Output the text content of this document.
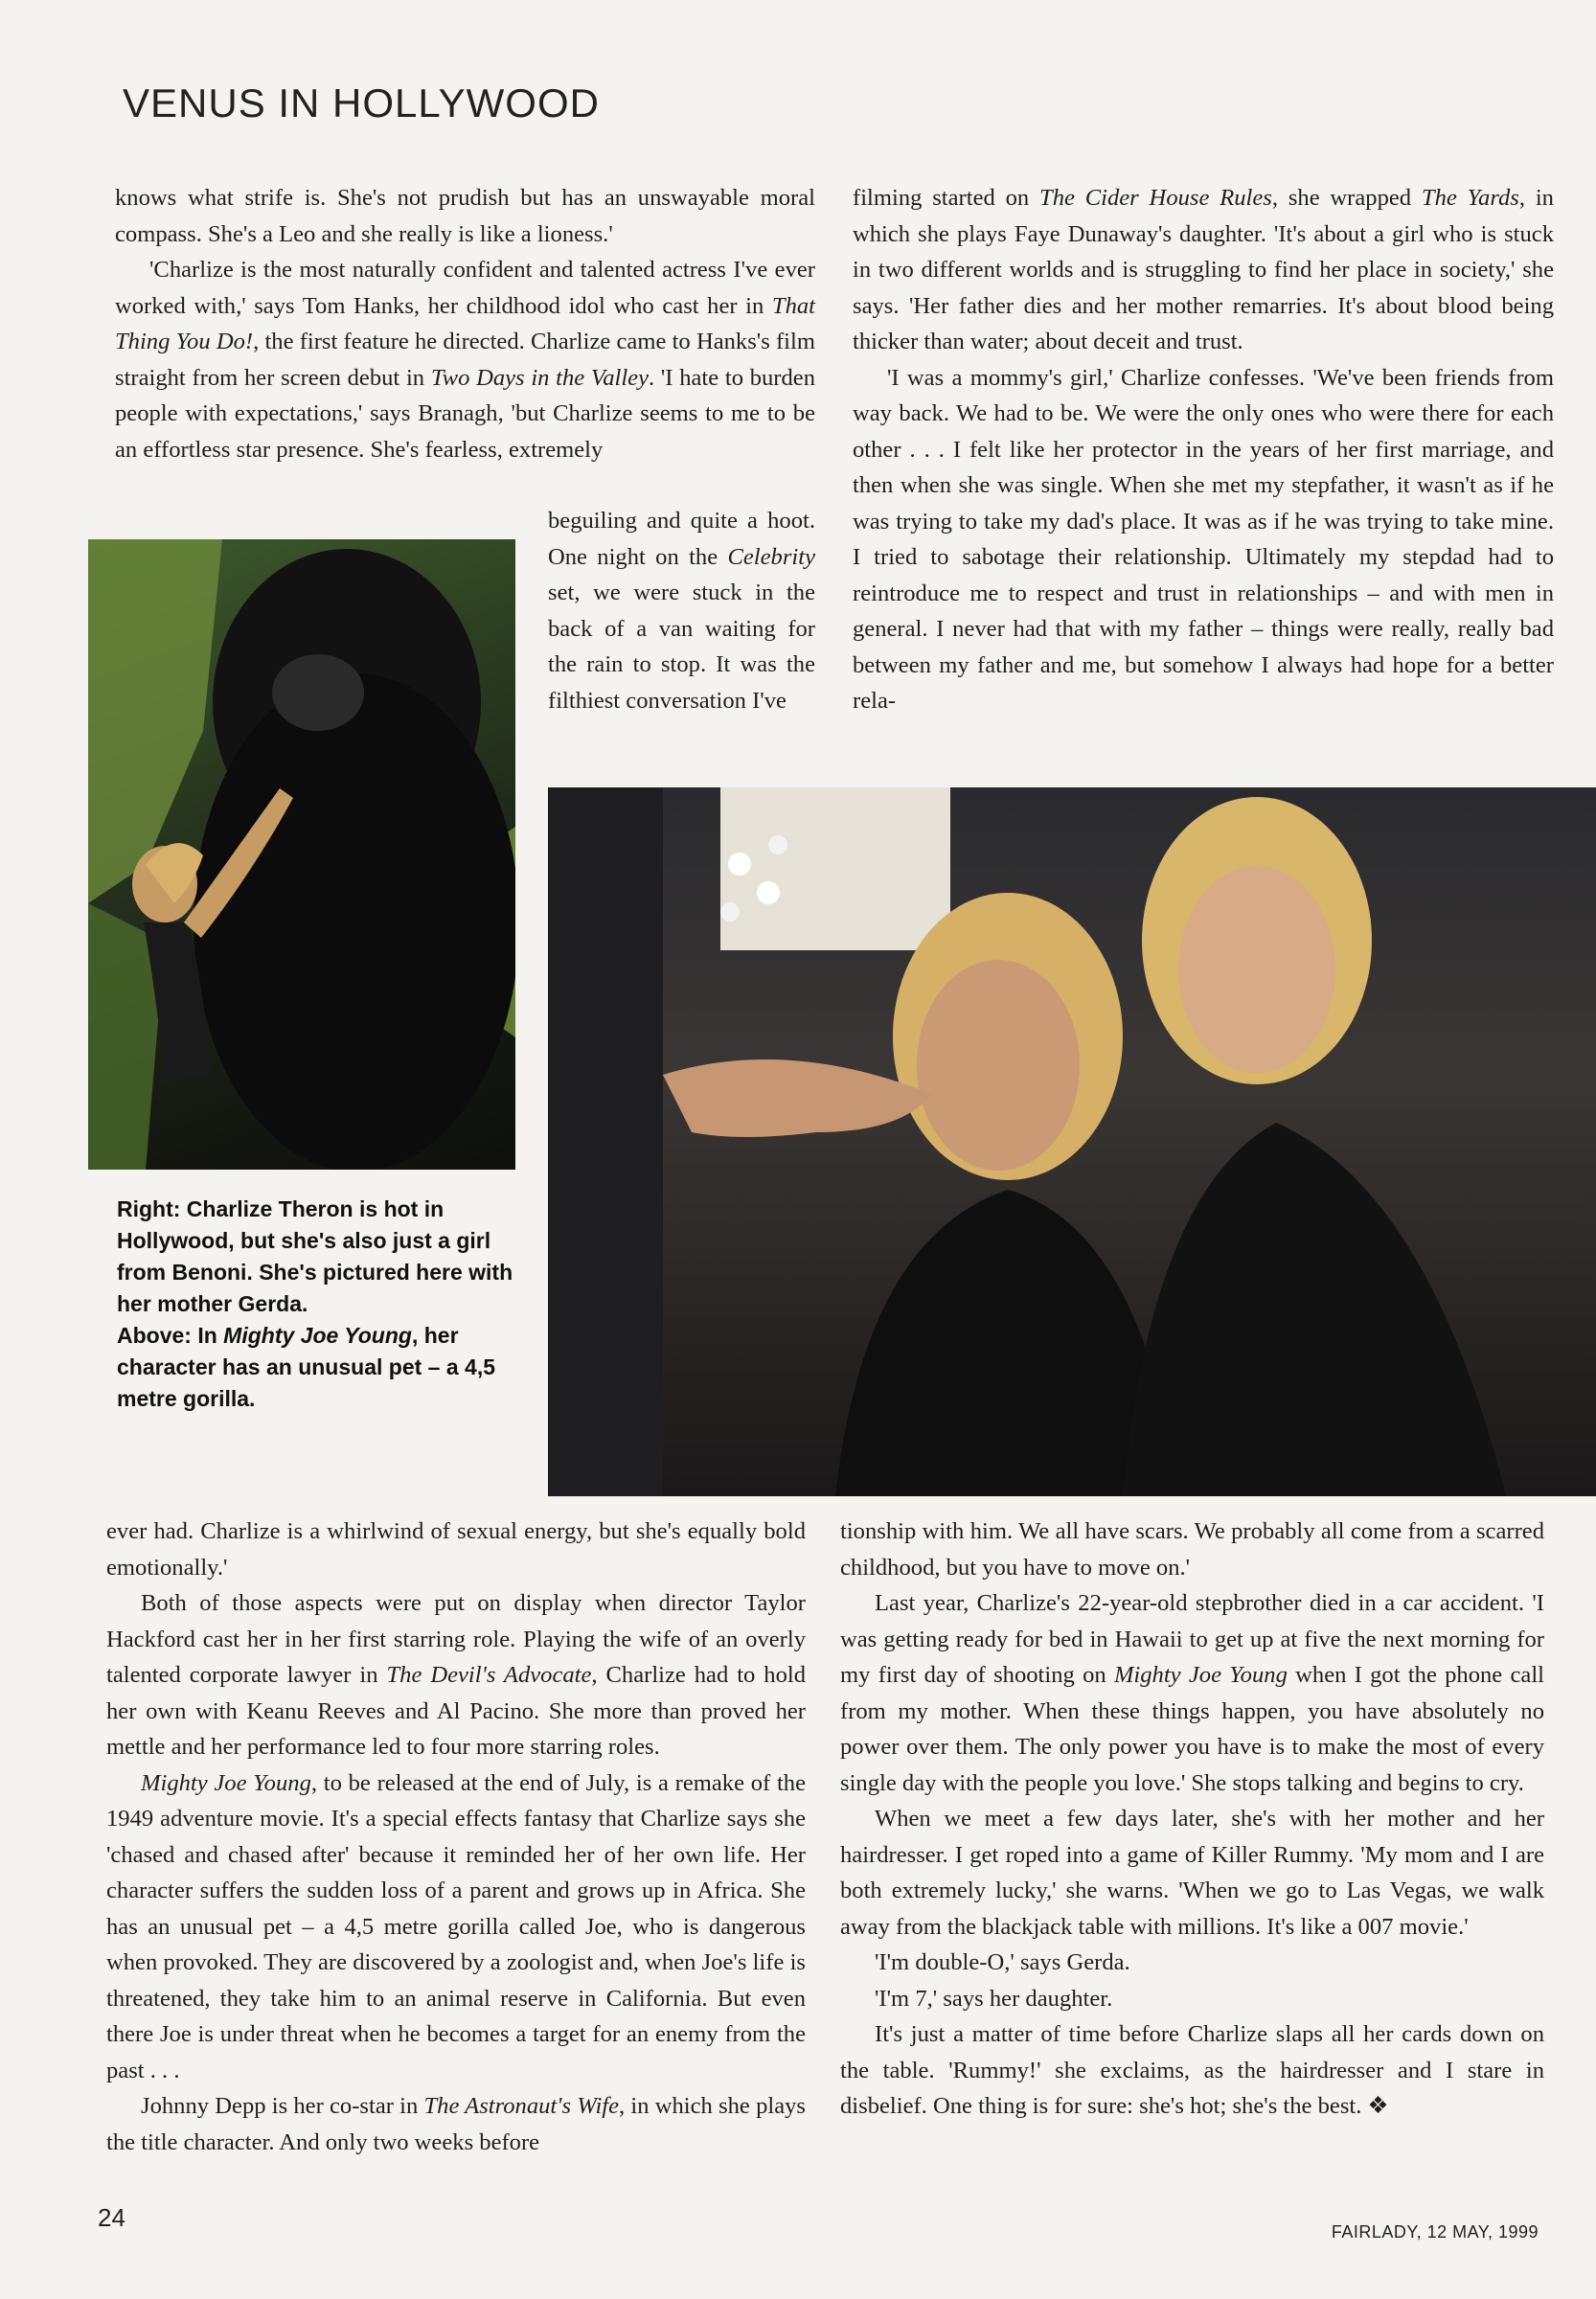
VENUS IN HOLLYWOOD

knows what strife is. She's not prudish but has an unswayable moral compass. She's a Leo and she really is like a lioness.'

'Charlize is the most naturally confident and talented actress I've ever worked with,' says Tom Hanks, her childhood idol who cast her in That Thing You Do!, the first feature he directed. Charlize came to Hanks's film straight from her screen debut in Two Days in the Valley. 'I hate to burden people with expectations,' says Branagh, 'but Charlize seems to me to be an effortless star presence. She's fearless, extremely

beguiling and quite a hoot. One night on the Celebrity set, we were stuck in the back of a van waiting for the rain to stop. It was the filthiest conversation I've

filming started on The Cider House Rules, she wrapped The Yards, in which she plays Faye Dunaway's daughter. 'It's about a girl who is stuck in two different worlds and is struggling to find her place in society,' she says. 'Her father dies and her mother remarries. It's about blood being thicker than water; about deceit and trust.

'I was a mommy's girl,' Charlize confesses. 'We've been friends from way back. We had to be. We were the only ones who were there for each other . . . I felt like her protector in the years of her first marriage, and then when she was single. When she met my stepfather, it wasn't as if he was trying to take my dad's place. It was as if he was trying to take mine. I tried to sabotage their relationship. Ultimately my stepdad had to reintroduce me to respect and trust in relationships – and with men in general. I never had that with my father – things were really, really bad between my father and me, but somehow I always had hope for a better rela-

Right: Charlize Theron is hot in Hollywood, but she's also just a girl from Benoni. She's pictured here with her mother Gerda.
Above: In Mighty Joe Young, her character has an unusual pet – a 4,5 metre gorilla.

ever had. Charlize is a whirlwind of sexual energy, but she's equally bold emotionally.'

Both of those aspects were put on display when director Taylor Hackford cast her in her first starring role. Playing the wife of an overly talented corporate lawyer in The Devil's Advocate, Charlize had to hold her own with Keanu Reeves and Al Pacino. She more than proved her mettle and her performance led to four more starring roles.

Mighty Joe Young, to be released at the end of July, is a remake of the 1949 adventure movie. It's a special effects fantasy that Charlize says she 'chased and chased after' because it reminded her of her own life. Her character suffers the sudden loss of a parent and grows up in Africa. She has an unusual pet – a 4,5 metre gorilla called Joe, who is dangerous when provoked. They are discovered by a zoologist and, when Joe's life is threatened, they take him to an animal reserve in California. But even there Joe is under threat when he becomes a target for an enemy from the past . . .

Johnny Depp is her co-star in The Astronaut's Wife, in which she plays the title character. And only two weeks before

tionship with him. We all have scars. We probably all come from a scarred childhood, but you have to move on.'

Last year, Charlize's 22-year-old stepbrother died in a car accident. 'I was getting ready for bed in Hawaii to get up at five the next morning for my first day of shooting on Mighty Joe Young when I got the phone call from my mother. When these things happen, you have absolutely no power over them. The only power you have is to make the most of every single day with the people you love.' She stops talking and begins to cry.

When we meet a few days later, she's with her mother and her hairdresser. I get roped into a game of Killer Rummy. 'My mom and I are both extremely lucky,' she warns. 'When we go to Las Vegas, we walk away from the blackjack table with millions. It's like a 007 movie.'

'I'm double-O,' says Gerda.

'I'm 7,' says her daughter.

It's just a matter of time before Charlize slaps all her cards down on the table. 'Rummy!' she exclaims, as the hairdresser and I stare in disbelief. One thing is for sure: she's hot; she's the best. ❖

24	FAIRLADY, 12 MAY, 1999
